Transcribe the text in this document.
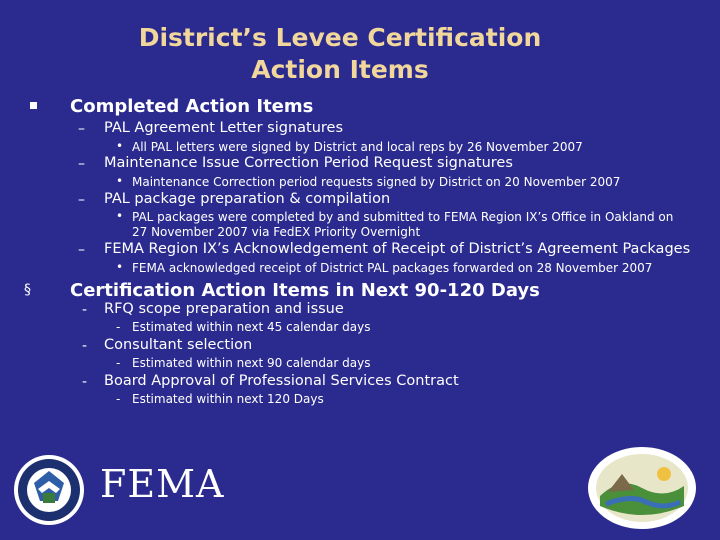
District’s Levee Certification
Action Items
Completed Action Items
– PAL Agreement Letter signatures
• All PAL letters were signed by District and local reps by 26 November 2007
– Maintenance Issue Correction Period Request signatures
• Maintenance Correction period requests signed by District on 20 November 2007
– PAL package preparation & compilation
• PAL packages were completed by and submitted to FEMA Region IX’s Office in Oakland on 27 November 2007 via FedEX Priority Overnight
– FEMA Region IX’s Acknowledgement of Receipt of District’s Agreement Packages
• FEMA acknowledged receipt of District PAL packages forwarded on 28 November 2007
§ Certification Action Items in Next 90-120 Days
- RFQ scope preparation and issue
- Estimated within next 45 calendar days
- Consultant selection
- Estimated within next 90 calendar days
- Board Approval of Professional Services Contract
- Estimated within next 120 Days
FEMA
